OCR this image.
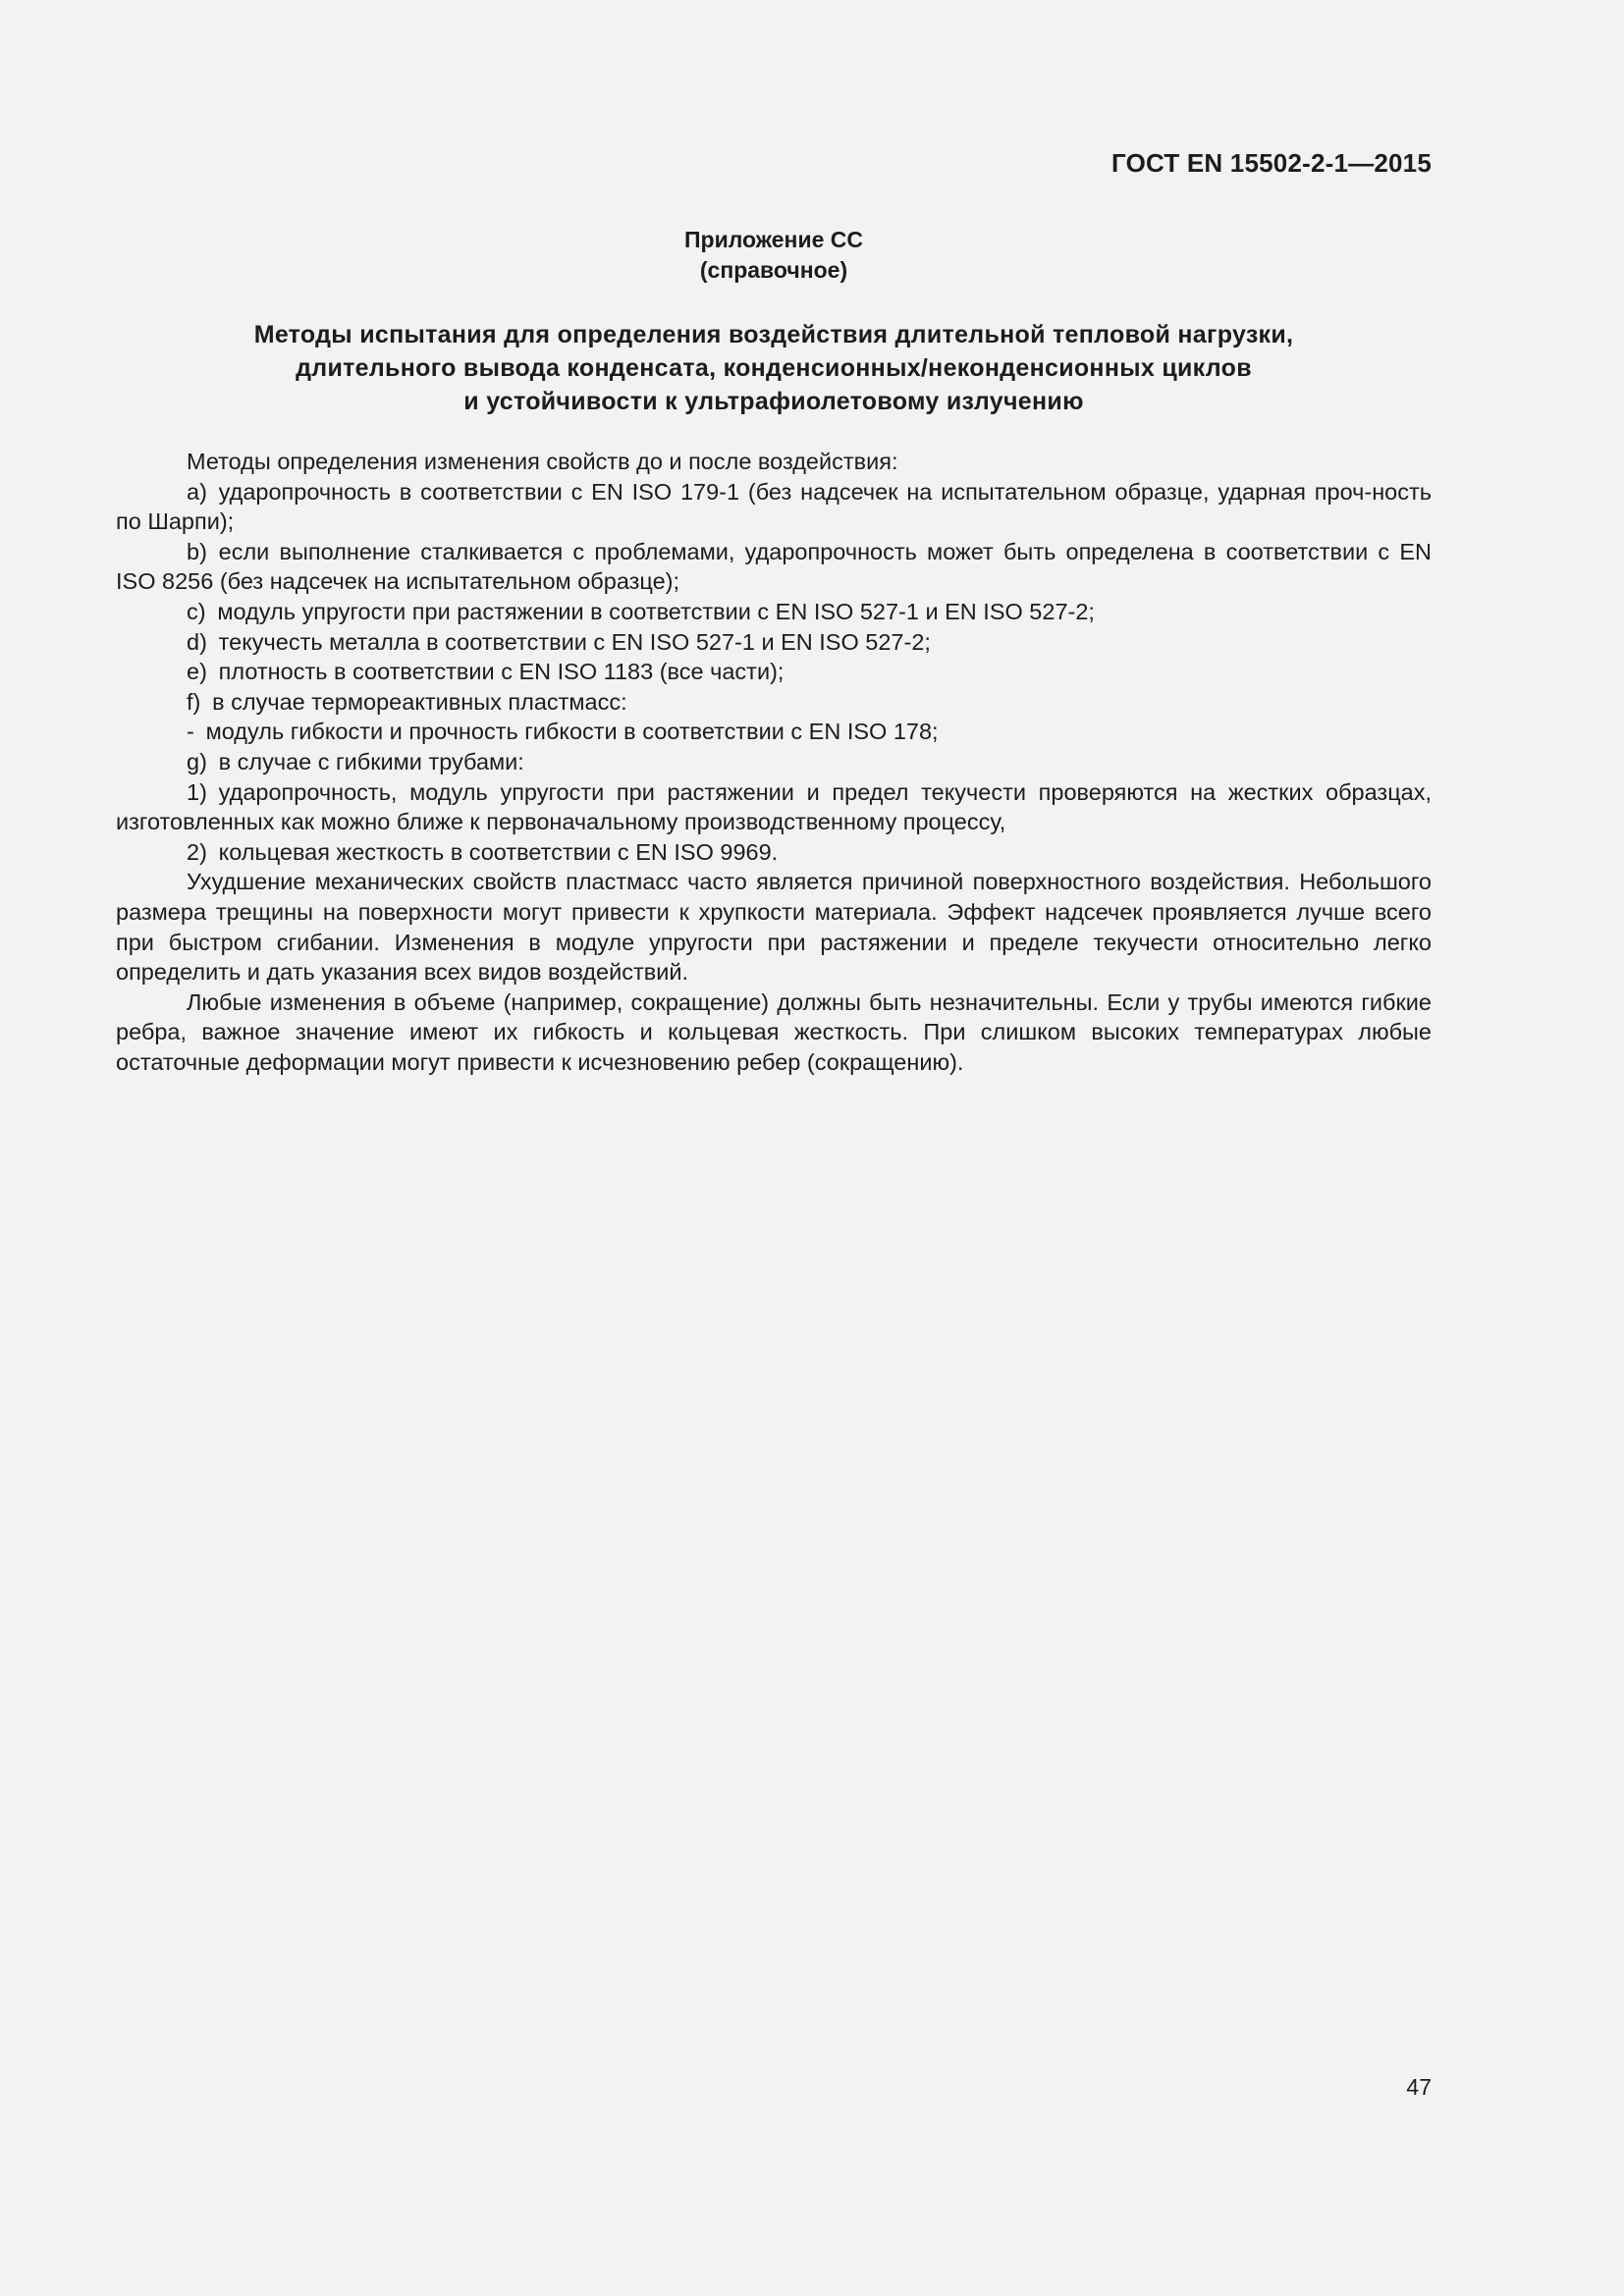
ГОСТ EN 15502-2-1—2015
Приложение СС
(справочное)
Методы испытания для определения воздействия длительной тепловой нагрузки,
длительного вывода конденсата, конденсионных/неконденсионных циклов
и устойчивости к ультрафиолетовому излучению

Методы определения изменения свойств до и после воздействия:

а) ударопрочность в соответствии с EN ISO 179-1 (без надсечек на испытательном образце, ударная проч-ность по Шарпи);

b) если выполнение сталкивается с проблемами, ударопрочность может быть определена в соответствии с EN ISO 8256 (без надсечек на испытательном образце);

с) модуль упругости при растяжении в соответствии с EN ISO 527-1 и EN ISO 527-2;

d) текучесть металла в соответствии с EN ISO 527-1 и EN ISO 527-2;

е) плотность в соответствии с EN ISO 1183 (все части);

f) в случае термореактивных пластмасс:

- модуль гибкости и прочность гибкости в соответствии с EN ISO 178;

g) в случае с гибкими трубами:

1) ударопрочность, модуль упругости при растяжении и предел текучести проверяются на жестких образцах, изготовленных как можно ближе к первоначальному производственному процессу,

2) кольцевая жесткость в соответствии с EN ISO 9969.

Ухудшение механических свойств пластмасс часто является причиной поверхностного воздействия. Небольшого размера трещины на поверхности могут привести к хрупкости материала. Эффект надсечек проявляется лучше всего при быстром сгибании. Изменения в модуле упругости при растяжении и пределе текучести относительно легко определить и дать указания всех видов воздействий.

Любые изменения в объеме (например, сокращение) должны быть незначительны. Если у трубы имеются гибкие ребра, важное значение имеют их гибкость и кольцевая жесткость. При слишком высоких температурах любые остаточные деформации могут привести к исчезновению ребер (сокращению).

47
